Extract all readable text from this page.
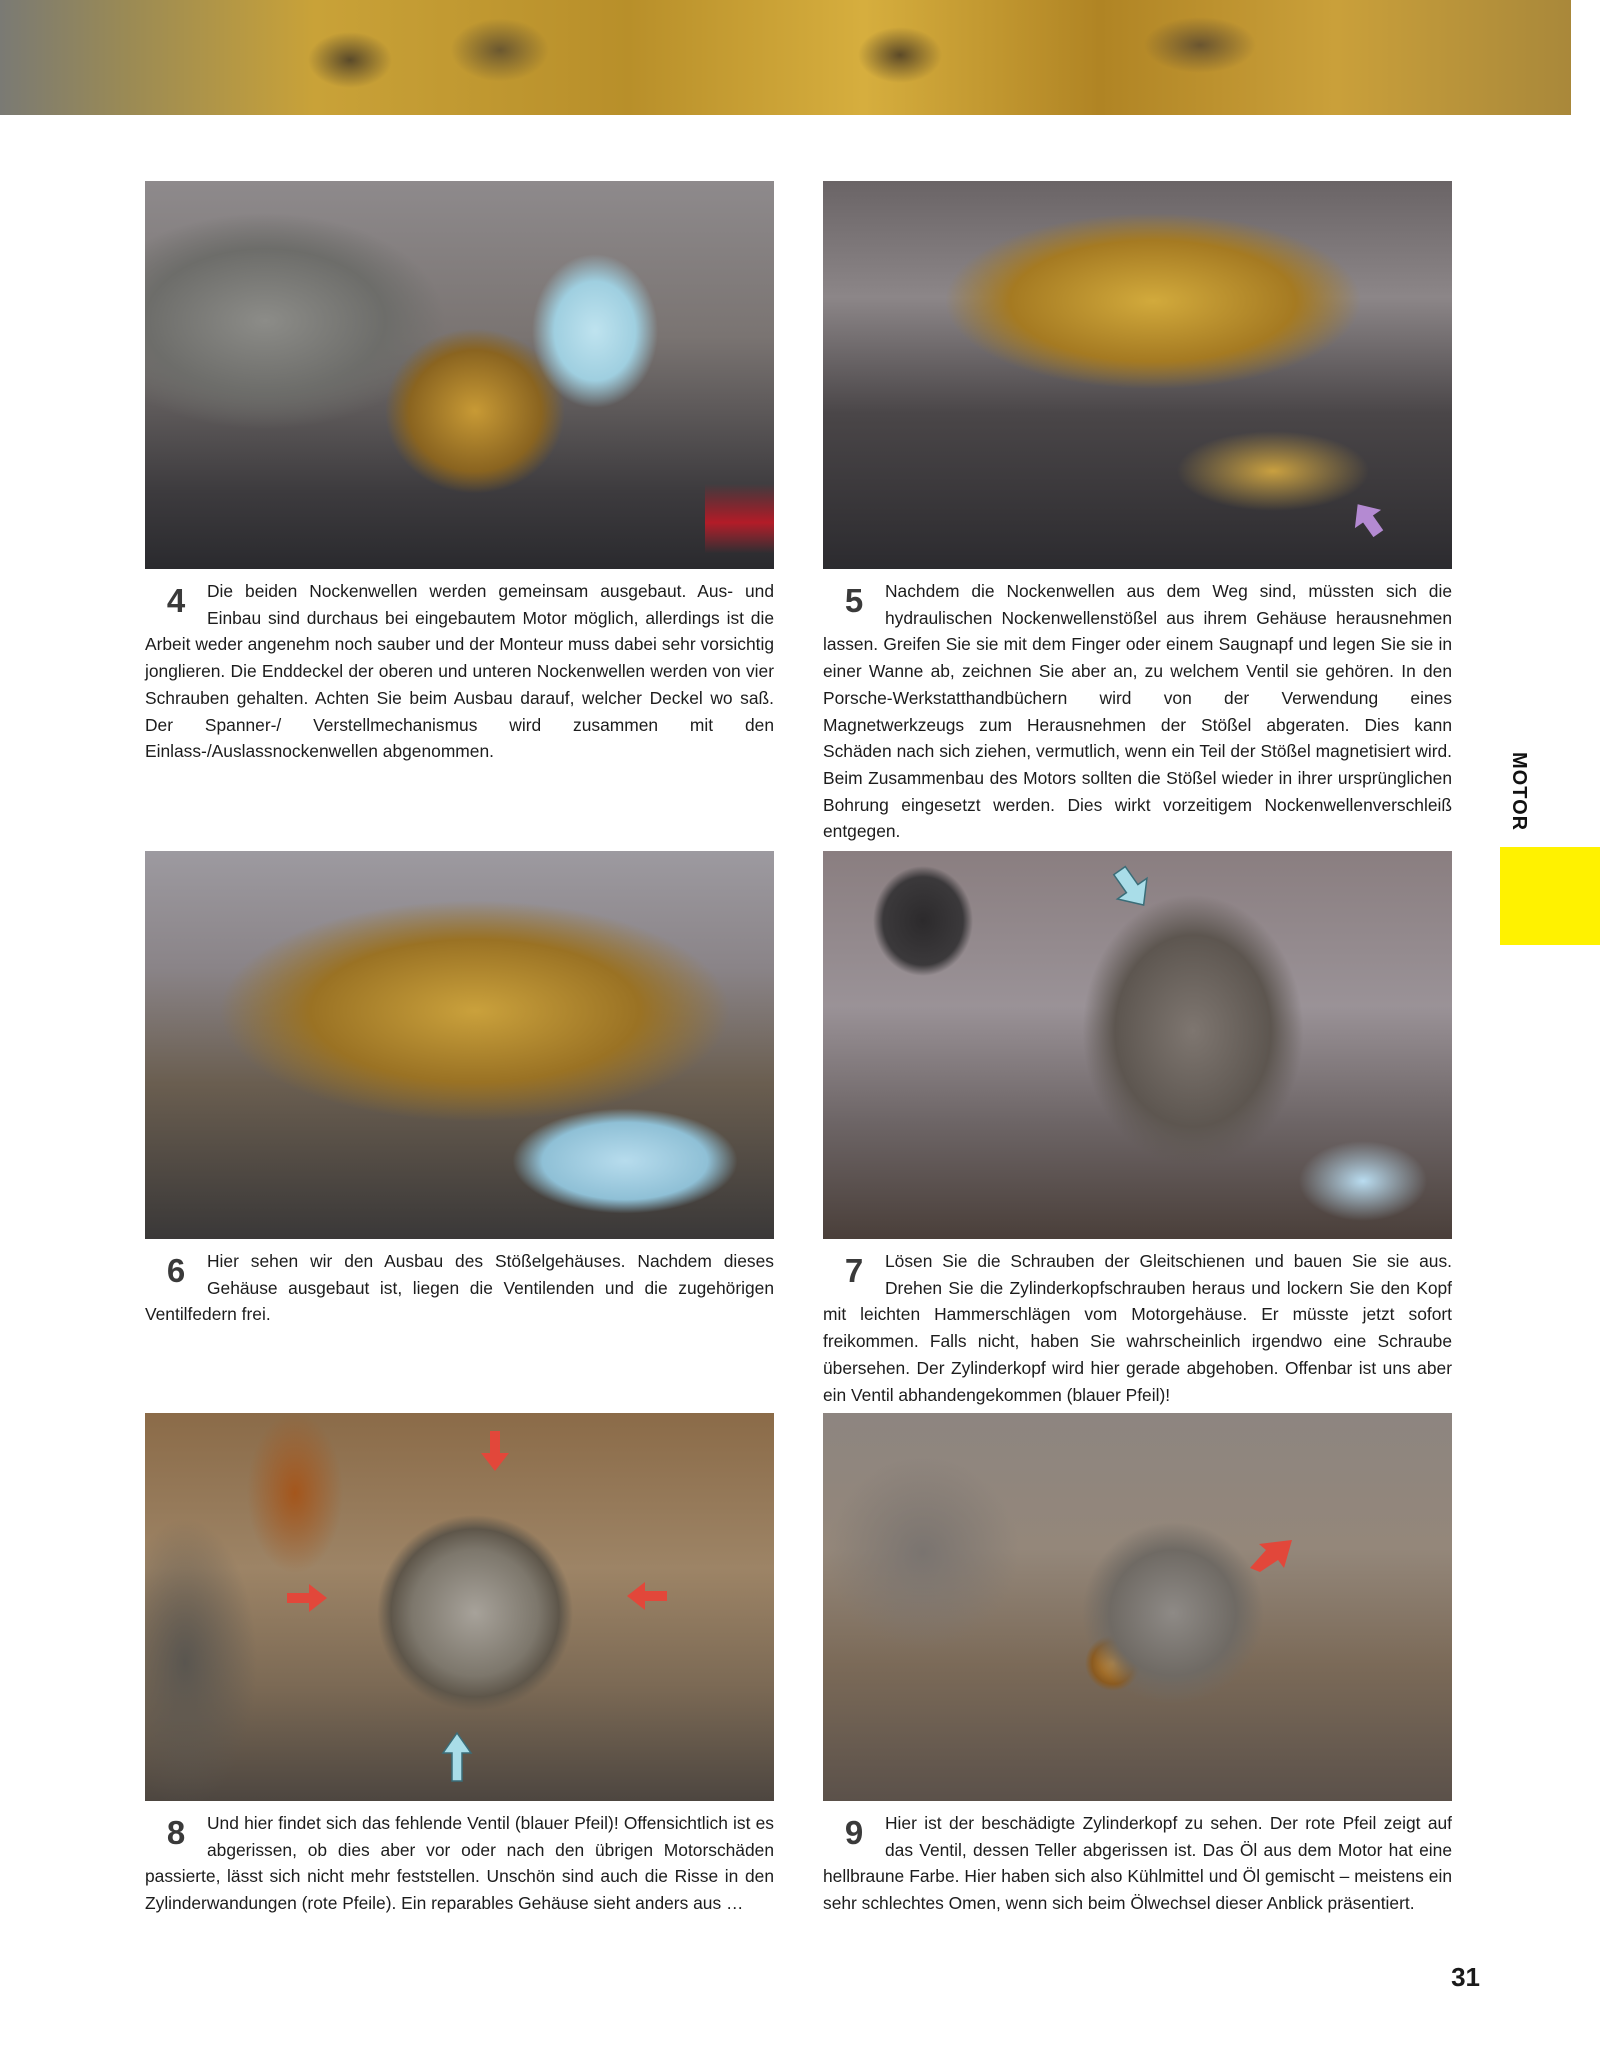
4	Die beiden Nockenwellen werden gemeinsam ausgebaut. Aus- und Einbau sind durchaus bei eingebautem Motor möglich, allerdings ist die Arbeit weder angenehm noch sauber und der Monteur muss dabei sehr vorsichtig jonglieren. Die Enddeckel der oberen und unteren Nockenwellen werden von vier Schrauben gehalten. Achten Sie beim Ausbau darauf, welcher Deckel wo saß. Der Spanner-/ Verstellmechanismus wird zusammen mit den Einlass-/Auslassnockenwellen abgenommen.
5	Nachdem die Nockenwellen aus dem Weg sind, müssten sich die hydraulischen Nockenwellenstößel aus ihrem Gehäuse herausnehmen lassen. Greifen Sie sie mit dem Finger oder einem Saugnapf und legen Sie sie in einer Wanne ab, zeichnen Sie aber an, zu welchem Ventil sie gehören. In den Porsche-Werkstatthandbüchern wird von der Verwendung eines Magnetwerkzeugs zum Herausnehmen der Stößel abgeraten. Dies kann Schäden nach sich ziehen, vermutlich, wenn ein Teil der Stößel magnetisiert wird. Beim Zusammenbau des Motors sollten die Stößel wieder in ihrer ursprünglichen Bohrung eingesetzt werden. Dies wirkt vorzeitigem Nockenwellenverschleiß entgegen.
MOTOR
6	Hier sehen wir den Ausbau des Stößelgehäuses. Nachdem dieses Gehäuse ausgebaut ist, liegen die Ventilenden und die zugehörigen Ventilfedern frei.
7	Lösen Sie die Schrauben der Gleitschienen und bauen Sie sie aus. Drehen Sie die Zylinderkopfschrauben heraus und lockern Sie den Kopf mit leichten Hammerschlägen vom Motorgehäuse. Er müsste jetzt sofort freikommen. Falls nicht, haben Sie wahrscheinlich irgendwo eine Schraube übersehen. Der Zylinderkopf wird hier gerade abgehoben. Offenbar ist uns aber ein Ventil abhandengekommen (blauer Pfeil)!
8	Und hier findet sich das fehlende Ventil (blauer Pfeil)! Offensichtlich ist es abgerissen, ob dies aber vor oder nach den übrigen Motorschäden passierte, lässt sich nicht mehr feststellen. Unschön sind auch die Risse in den Zylinderwandungen (rote Pfeile). Ein reparables Gehäuse sieht anders aus …
9	Hier ist der beschädigte Zylinderkopf zu sehen. Der rote Pfeil zeigt auf das Ventil, dessen Teller abgerissen ist. Das Öl aus dem Motor hat eine hellbraune Farbe. Hier haben sich also Kühlmittel und Öl gemischt – meistens ein sehr schlechtes Omen, wenn sich beim Ölwechsel dieser Anblick präsentiert.
31
